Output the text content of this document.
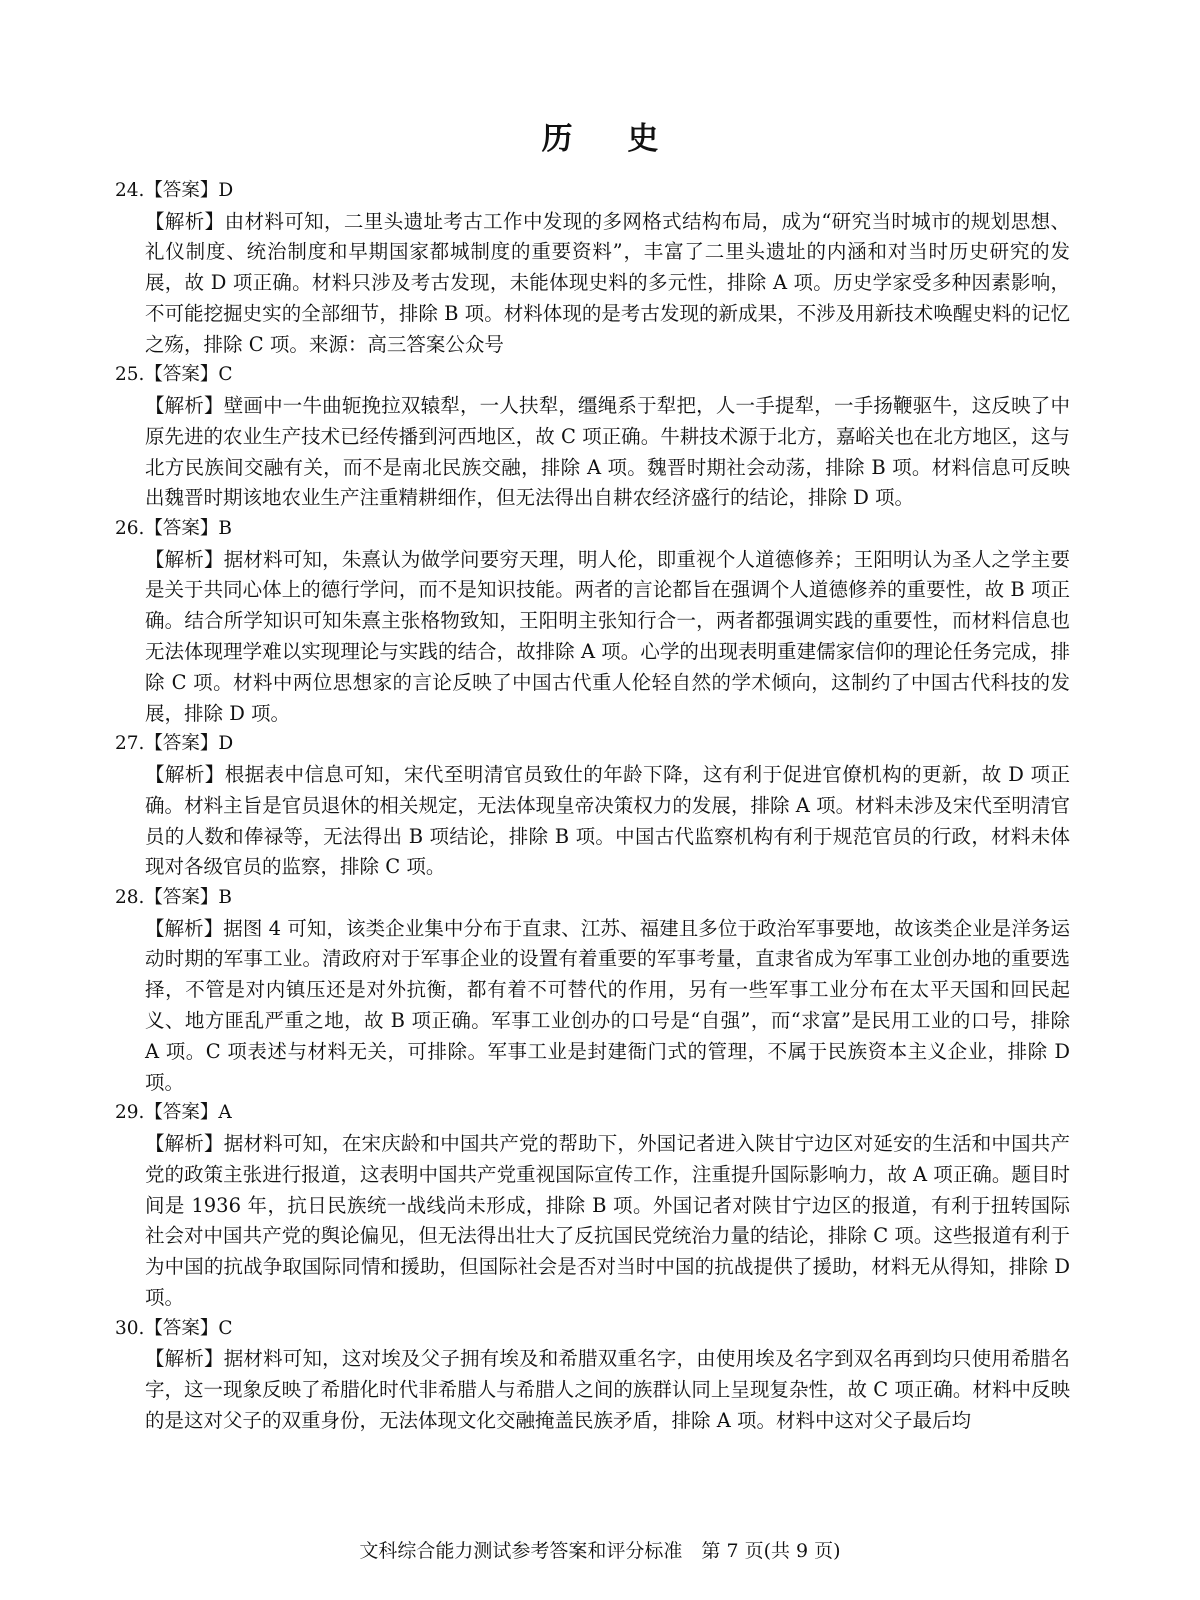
历 史
24.【答案】D

【解析】由材料可知，二里头遗址考古工作中发现的多网格式结构布局，成为“研究当时城市的规划思想、礼仪制度、统治制度和早期国家都城制度的重要资料”，丰富了二里头遗址的内涵和对当时历史研究的发展，故 D 项正确。材料只涉及考古发现，未能体现史料的多元性，排除 A 项。历史学家受多种因素影响，不可能挖掘史实的全部细节，排除 B 项。材料体现的是考古发现的新成果，不涉及用新技术唤醒史料的记忆之殇，排除 C 项。来源：高三答案公众号

25.【答案】C

【解析】壁画中一牛曲轭挽拉双辕犁，一人扶犁，缰绳系于犁把，人一手提犁，一手扬鞭驱牛，这反映了中原先进的农业生产技术已经传播到河西地区，故 C 项正确。牛耕技术源于北方，嘉峪关也在北方地区，这与北方民族间交融有关，而不是南北民族交融，排除 A 项。魏晋时期社会动荡，排除 B 项。材料信息可反映出魏晋时期该地农业生产注重精耕细作，但无法得出自耕农经济盛行的结论，排除 D 项。

26.【答案】B

【解析】据材料可知，朱熹认为做学问要穷天理，明人伦，即重视个人道德修养；王阳明认为圣人之学主要是关于共同心体上的德行学问，而不是知识技能。两者的言论都旨在强调个人道德修养的重要性，故 B 项正确。结合所学知识可知朱熹主张格物致知，王阳明主张知行合一，两者都强调实践的重要性，而材料信息也无法体现理学难以实现理论与实践的结合，故排除 A 项。心学的出现表明重建儒家信仰的理论任务完成，排除 C 项。材料中两位思想家的言论反映了中国古代重人伦轻自然的学术倾向，这制约了中国古代科技的发展，排除 D 项。

27.【答案】D

【解析】根据表中信息可知，宋代至明清官员致仕的年龄下降，这有利于促进官僚机构的更新，故 D 项正确。材料主旨是官员退休的相关规定，无法体现皇帝决策权力的发展，排除 A 项。材料未涉及宋代至明清官员的人数和俸禄等，无法得出 B 项结论，排除 B 项。中国古代监察机构有利于规范官员的行政，材料未体现对各级官员的监察，排除 C 项。

28.【答案】B

【解析】据图 4 可知，该类企业集中分布于直隶、江苏、福建且多位于政治军事要地，故该类企业是洋务运动时期的军事工业。清政府对于军事企业的设置有着重要的军事考量，直隶省成为军事工业创办地的重要选择，不管是对内镇压还是对外抗衡，都有着不可替代的作用，另有一些军事工业分布在太平天国和回民起义、地方匪乱严重之地，故 B 项正确。军事工业创办的口号是“自强”，而“求富”是民用工业的口号，排除 A 项。C 项表述与材料无关，可排除。军事工业是封建衙门式的管理，不属于民族资本主义企业，排除 D 项。

29.【答案】A

【解析】据材料可知，在宋庆龄和中国共产党的帮助下，外国记者进入陕甘宁边区对延安的生活和中国共产党的政策主张进行报道，这表明中国共产党重视国际宣传工作，注重提升国际影响力，故 A 项正确。题目时间是 1936 年，抗日民族统一战线尚未形成，排除 B 项。外国记者对陕甘宁边区的报道，有利于扭转国际社会对中国共产党的舆论偏见，但无法得出壮大了反抗国民党统治力量的结论，排除 C 项。这些报道有利于为中国的抗战争取国际同情和援助，但国际社会是否对当时中国的抗战提供了援助，材料无从得知，排除 D 项。

30.【答案】C

【解析】据材料可知，这对埃及父子拥有埃及和希腊双重名字，由使用埃及名字到双名再到均只使用希腊名字，这一现象反映了希腊化时代非希腊人与希腊人之间的族群认同上呈现复杂性，故 C 项正确。材料中反映的是这对父子的双重身份，无法体现文化交融掩盖民族矛盾，排除 A 项。材料中这对父子最后均

文科综合能力测试参考答案和评分标准　第 7 页(共 9 页)
